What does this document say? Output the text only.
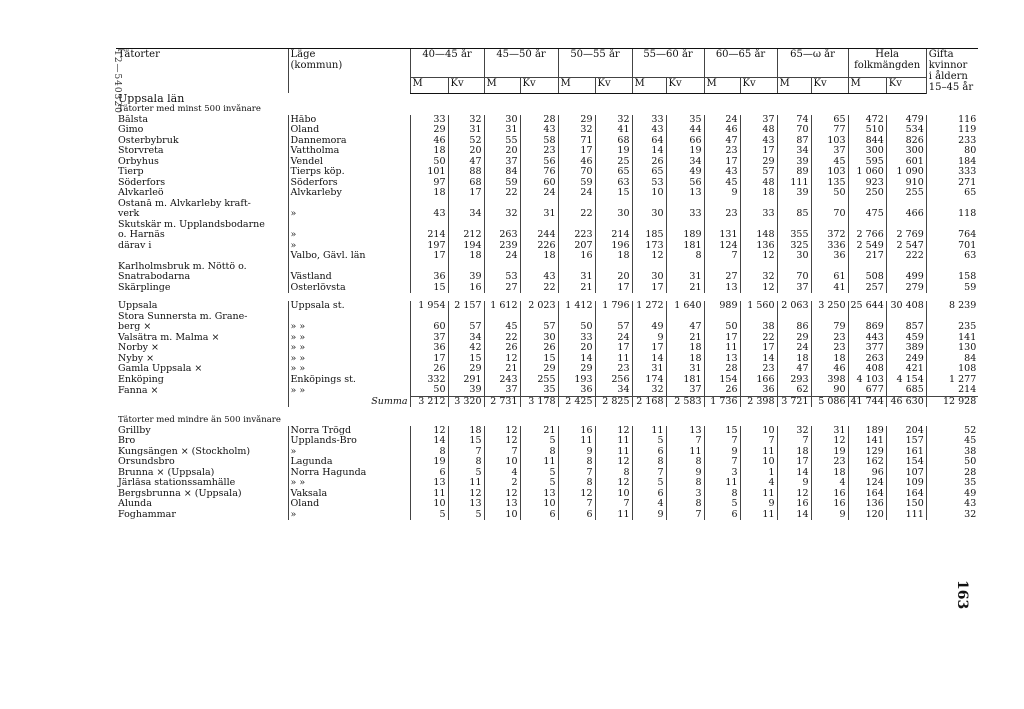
12—540320
163
Tätorter	Läge
(kommun)	40—45 år		45—50 år		50—55 år		55—60 år		60—65 år		65—ω år		Hela
folkmängden		Gifta
kvinnor
i åldern
15–45 år
		M	Kv	M	Kv	M	Kv	M	Kv	M	Kv	M	Kv	M	Kv	
Uppsala län																
Tätorter med minst 500 invånare																
Bålsta	Håbo	33	32	30	28	29	32	33	35	24	37	74	65	472	479	116
Gimo	Oland	29	31	31	43	32	41	43	44	46	48	70	77	510	534	119
Österbybruk	Dannemora	46	52	55	58	71	68	64	66	47	43	87	103	844	826	233
Storvreta	Vattholma	18	20	20	23	17	19	14	19	23	17	34	37	300	300	80
Örbyhus	Vendel	50	47	37	56	46	25	26	34	17	29	39	45	595	601	184
Tierp	Tierps köp.	101	88	84	76	70	65	65	49	43	57	89	103	1 060	1 090	333
Söderfors	Söderfors	97	68	59	60	59	63	53	56	45	48	111	135	923	910	271
Älvkarleö	Älvkarleby	18	17	22	24	24	15	10	13	9	18	39	50	250	255	65
Östanå m. Älvkarleby kraft-																
verk	»	43	34	32	31	22	30	30	33	23	33	85	70	475	466	118
Skutskär m. Upplandsbodarne																
o. Harnäs	»	214	212	263	244	223	214	185	189	131	148	355	372	2 766	2 769	764
därav i	»	197	194	239	226	207	196	173	181	124	136	325	336	2 549	2 547	701
	Valbo, Gävl. län	17	18	24	18	16	18	12	8	7	12	30	36	217	222	63
Karlholmsbruk m. Nöttö o.																
Snatrabodarna	Västland	36	39	53	43	31	20	30	31	27	32	70	61	508	499	158
Skärplinge	Österlövsta	15	16	27	22	21	17	17	21	13	12	37	41	257	279	59

Uppsala	Uppsala st.	1 954	2 157	1 612	2 023	1 412	1 796	1 272	1 640	989	1 560	2 063	3 250	25 644	30 408	8 239
Stora Sunnersta m. Grane-																
berg ×	» »	60	57	45	57	50	57	49	47	50	38	86	79	869	857	235
Valsätra m. Malma ×	» »	37	34	22	30	33	24	9	21	17	22	29	23	443	459	141
Norby ×	» »	36	42	26	26	20	17	17	18	11	17	24	23	377	389	130
Nyby ×	» »	17	15	12	15	14	11	14	18	13	14	18	18	263	249	84
Gamla Uppsala ×	» »	26	29	21	29	29	23	31	31	28	23	47	46	408	421	108
Enköping	Enköpings st.	332	291	243	255	193	256	174	181	154	166	293	398	4 103	4 154	1 277
Fanna ×	» »	50	39	37	35	36	34	32	37	26	36	62	90	677	685	214
	Summa	3 212	3 320	2 731	3 178	2 425	2 825	2 168	2 583	1 736	2 398	3 721	5 086	41 744	46 630	12 928

Tätorter med mindre än 500 invånare																
Grillby	Norra Trögd	12	18	12	21	16	12	11	13	15	10	32	31	189	204	52
Bro	Upplands-Bro	14	15	12	5	11	11	5	7	7	7	7	12	141	157	45
Kungsängen × (Stockholm)	»	8	7	7	8	9	11	6	11	9	11	18	19	129	161	38
Örsundsbro	Lagunda	19	8	10	11	8	12	8	8	7	10	17	23	162	154	50
Brunna × (Uppsala)	Norra Hagunda	6	5	4	5	7	8	7	9	3	1	14	18	96	107	28
Järlåsa stationssamhälle	» »	13	11	2	5	8	12	5	8	11	4	9	4	124	109	35
Bergsbrunna × (Uppsala)	Vaksala	11	12	12	13	12	10	6	3	8	11	12	16	164	164	49
Alunda	Oland	10	13	13	10	7	7	4	8	5	9	16	16	136	150	43
Foghammar	»	5	5	10	6	6	11	9	7	6	11	14	9	120	111	32
